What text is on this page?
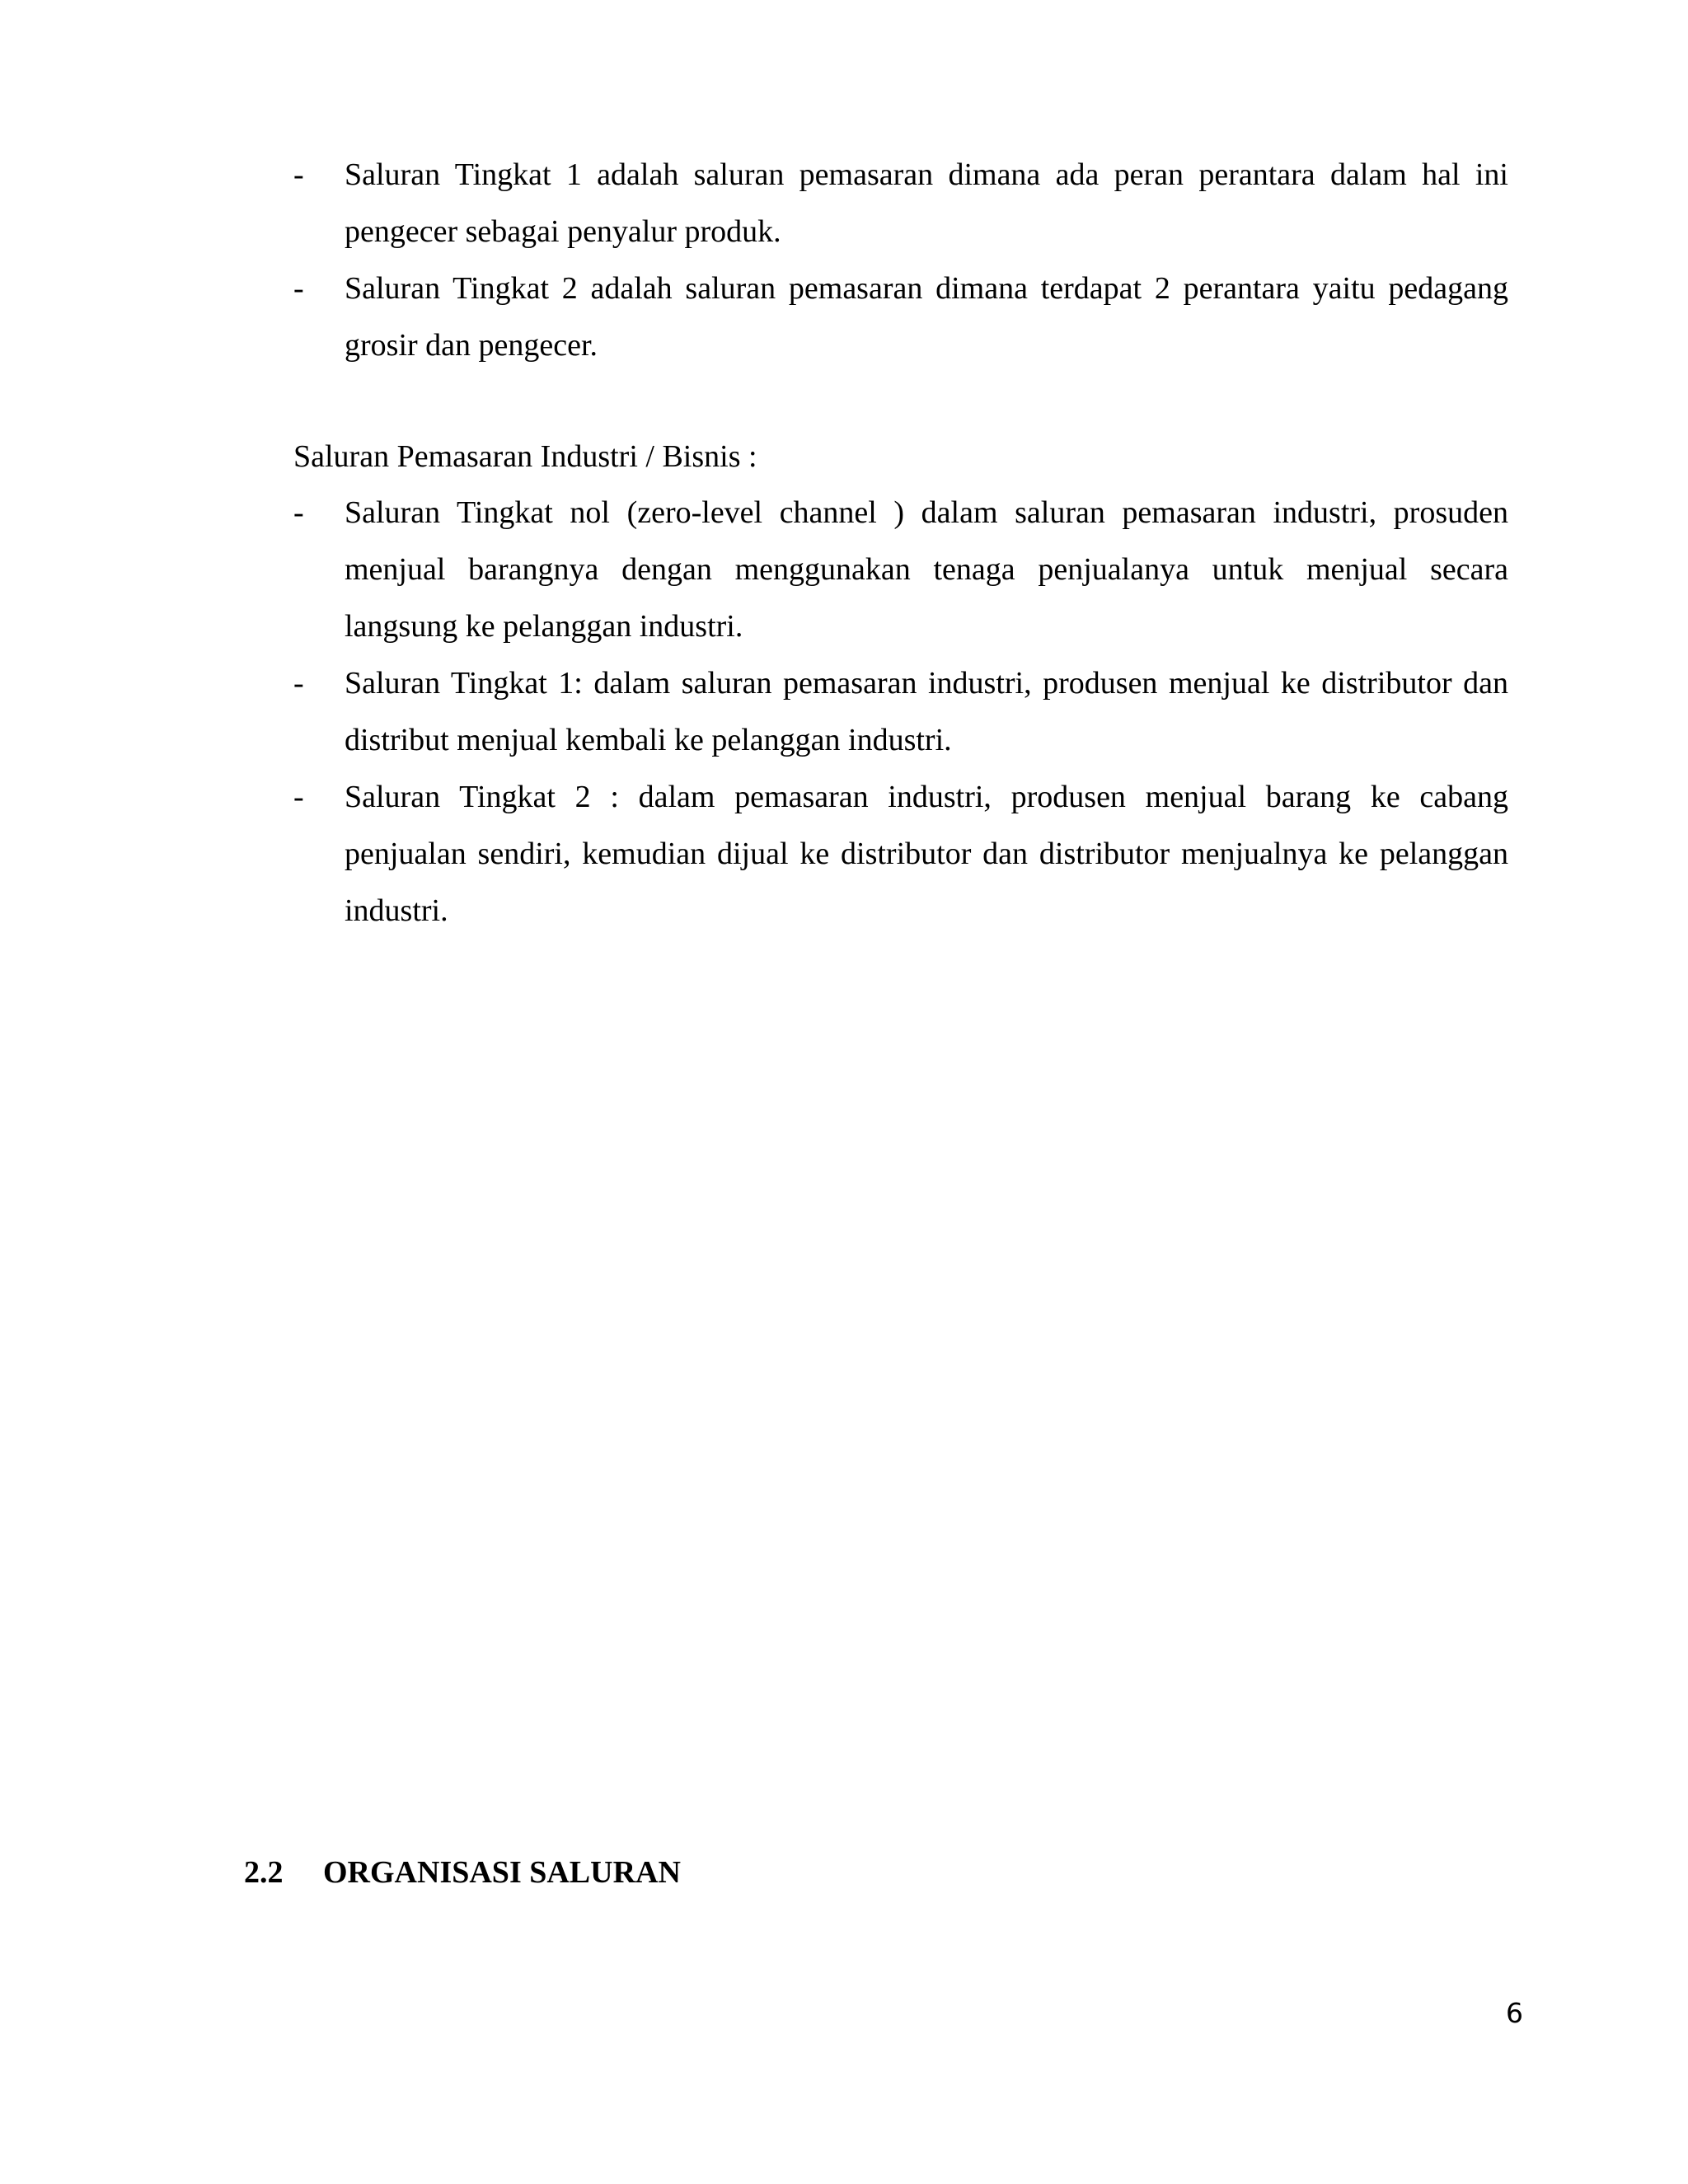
- Saluran Tingkat 1 adalah saluran pemasaran dimana ada peran perantara dalam hal ini pengecer sebagai penyalur produk.
- Saluran Tingkat 2 adalah saluran pemasaran dimana terdapat 2 perantara yaitu pedagang grosir dan pengecer.
Saluran Pemasaran Industri / Bisnis :
- Saluran Tingkat nol (zero-level channel ) dalam saluran pemasaran industri, prosuden menjual barangnya dengan menggunakan tenaga penjualanya untuk menjual secara langsung ke pelanggan industri.
- Saluran Tingkat 1: dalam saluran pemasaran industri, produsen menjual ke distributor dan distribut menjual kembali ke pelanggan industri.
- Saluran Tingkat 2 : dalam pemasaran industri, produsen menjual barang ke cabang penjualan sendiri, kemudian dijual ke distributor dan distributor menjualnya ke pelanggan industri.
2.2 ORGANISASI SALURAN
6
